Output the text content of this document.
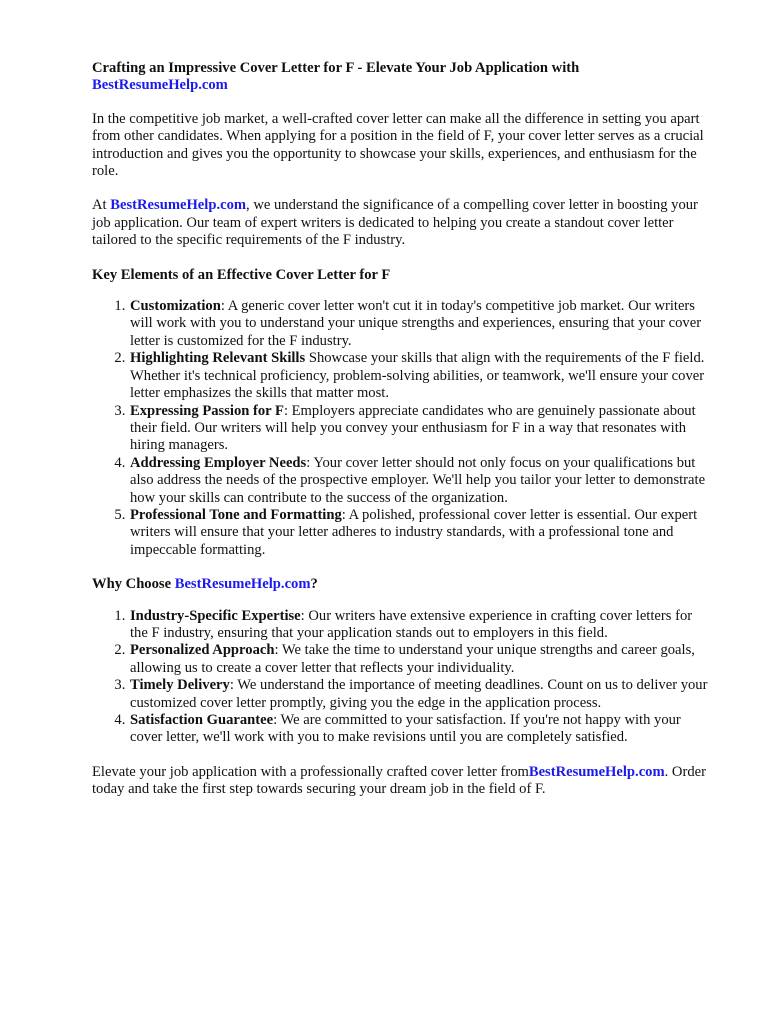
Crafting an Impressive Cover Letter for F - Elevate Your Job Application with
BestResumeHelp.com

In the competitive job market, a well-crafted cover letter can make all the difference in setting you apart from other candidates. When applying for a position in the field of F, your cover letter serves as a crucial introduction and gives you the opportunity to showcase your skills, experiences, and enthusiasm for the role.

At BestResumeHelp.com, we understand the significance of a compelling cover letter in boosting your job application. Our team of expert writers is dedicated to helping you create a standout cover letter tailored to the specific requirements of the F industry.

Key Elements of an Effective Cover Letter for F
1. Customization: A generic cover letter won't cut it in today's competitive job market. Our writers will work with you to understand your unique strengths and experiences, ensuring that your cover letter is customized for the F industry.
2. Highlighting Relevant Skills Showcase your skills that align with the requirements of the F field. Whether it's technical proficiency, problem-solving abilities, or teamwork, we'll ensure your cover letter emphasizes the skills that matter most.
3. Expressing Passion for F: Employers appreciate candidates who are genuinely passionate about their field. Our writers will help you convey your enthusiasm for F in a way that resonates with hiring managers.
4. Addressing Employer Needs: Your cover letter should not only focus on your qualifications but also address the needs of the prospective employer. We'll help you tailor your letter to demonstrate how your skills can contribute to the success of the organization.
5. Professional Tone and Formatting: A polished, professional cover letter is essential. Our expert writers will ensure that your letter adheres to industry standards, with a professional tone and impeccable formatting.
Why Choose BestResumeHelp.com?
1. Industry-Specific Expertise: Our writers have extensive experience in crafting cover letters for the F industry, ensuring that your application stands out to employers in this field.
2. Personalized Approach: We take the time to understand your unique strengths and career goals, allowing us to create a cover letter that reflects your individuality.
3. Timely Delivery: We understand the importance of meeting deadlines. Count on us to deliver your customized cover letter promptly, giving you the edge in the application process.
4. Satisfaction Guarantee: We are committed to your satisfaction. If you're not happy with your cover letter, we'll work with you to make revisions until you are completely satisfied.

Elevate your job application with a professionally crafted cover letter fromBestResumeHelp.com. Order today and take the first step towards securing your dream job in the field of F.
